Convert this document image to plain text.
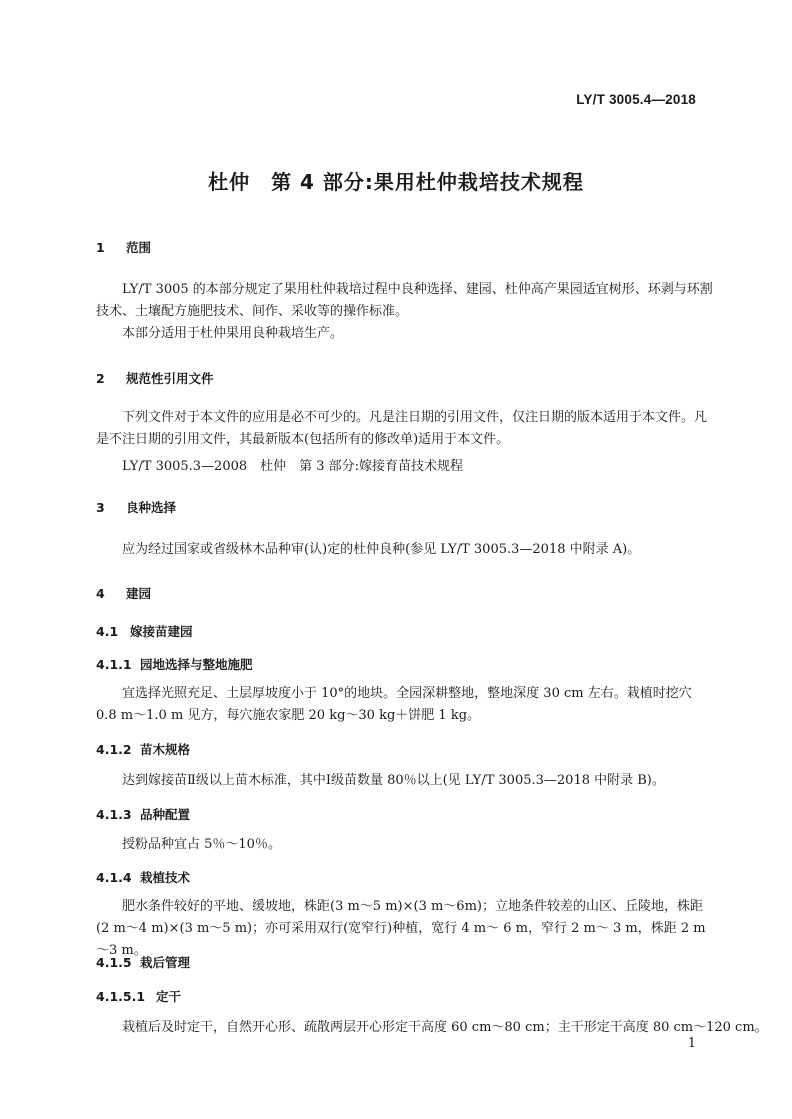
LY/T 3005.4—2018
杜仲　第 4 部分:果用杜仲栽培技术规程
1 范围
LY/T 3005 的本部分规定了果用杜仲栽培过程中良种选择、建园、杜仲高产果园适宜树形、环剥与环割技术、土壤配方施肥技术、间作、采收等的操作标准。
本部分适用于杜仲果用良种栽培生产。
2 规范性引用文件
下列文件对于本文件的应用是必不可少的。凡是注日期的引用文件，仅注日期的版本适用于本文件。凡是不注日期的引用文件，其最新版本(包括所有的修改单)适用于本文件。
LY/T 3005.3—2008　杜仲　第 3 部分:嫁接育苗技术规程
3 良种选择
应为经过国家或省级林木品种审(认)定的杜仲良种(参见 LY/T 3005.3—2018 中附录 A)。
4 建园
4.1 嫁接苗建园
4.1.1 园地选择与整地施肥
宜选择光照充足、土层厚坡度小于 10°的地块。全园深耕整地，整地深度 30 cm 左右。栽植时挖穴 0.8 m～1.0 m 见方，每穴施农家肥 20 kg～30 kg＋饼肥 1 kg。
4.1.2 苗木规格
达到嫁接苗Ⅱ级以上苗木标准，其中Ⅰ级苗数量 80％以上(见 LY/T 3005.3—2018 中附录 B)。
4.1.3 品种配置
授粉品种宜占 5％～10％。
4.1.4 栽植技术
肥水条件较好的平地、缓坡地，株距(3 m～5 m)×(3 m～6m)；立地条件较差的山区、丘陵地，株距(2 m～4 m)×(3 m～5 m)；亦可采用双行(宽窄行)种植，宽行 4 m～ 6 m，窄行 2 m～ 3 m，株距 2 m～3 m。
4.1.5 栽后管理
4.1.5.1 定干
栽植后及时定干，自然开心形、疏散两层开心形定干高度 60 cm～80 cm；主干形定干高度 80 cm～120 cm。
1
